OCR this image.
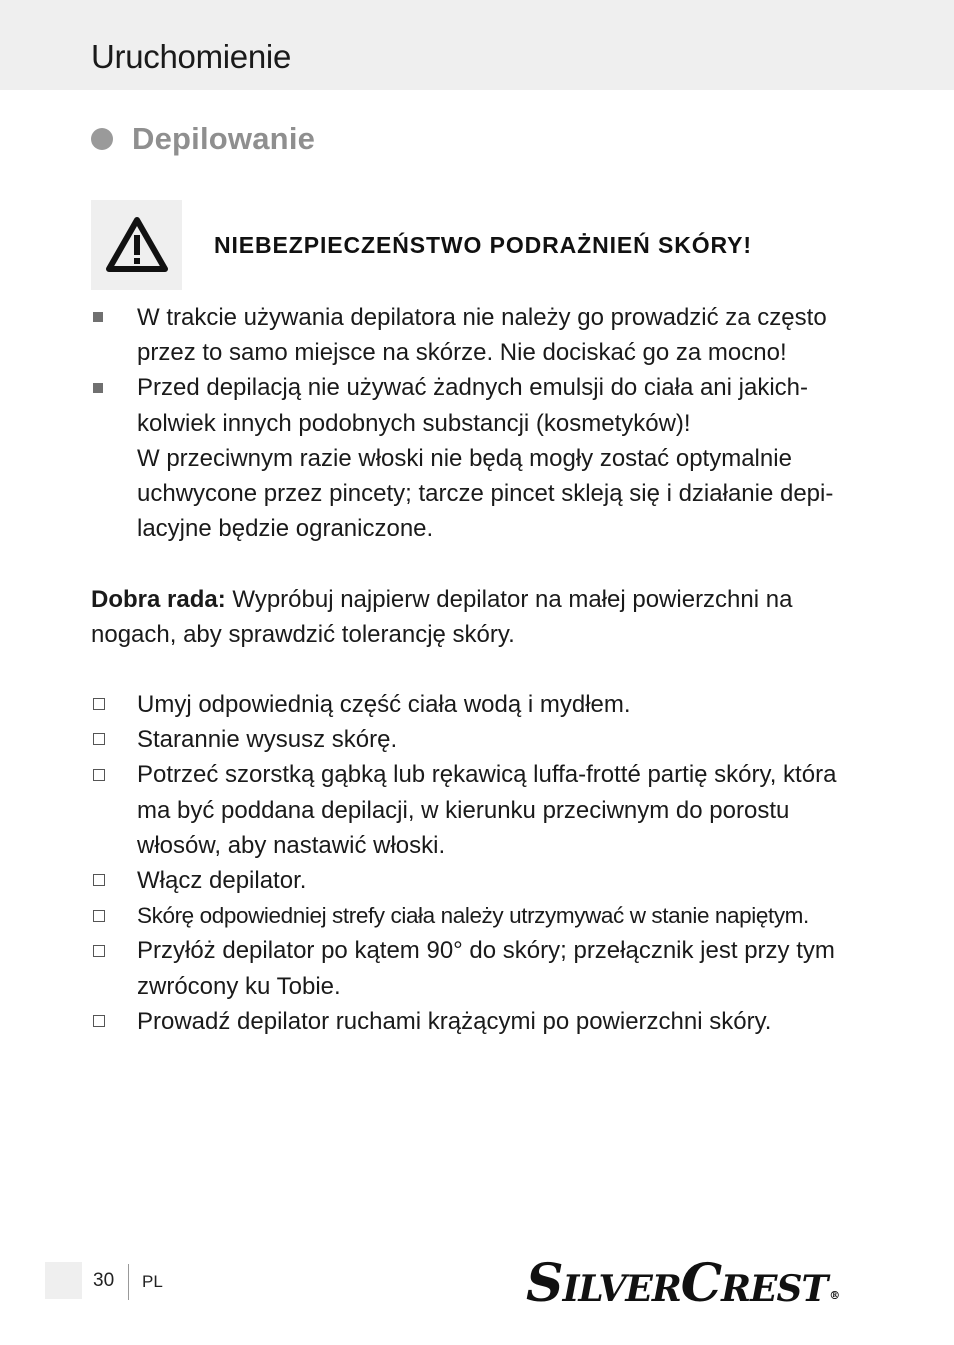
Uruchomienie
Depilowanie
NIEBEZPIECZEŃSTWO PODRAŻNIEŃ SKÓRY!
W trakcie używania depilatora nie należy go prowadzić za często przez to samo miejsce na skórze. Nie dociskać go za mocno!
Przed depilacją nie używać żadnych emulsji do ciała ani jakich-kolwiek innych podobnych substancji (kosmetyków)!
W przeciwnym razie włoski nie będą mogły zostać optymalnie uchwycone przez pincety; tarcze pincet skleją się i działanie depi-lacyjne będzie ograniczone.

Dobra rada: Wypróbuj najpierw depilator na małej powierzchni na nogach, aby sprawdzić tolerancję skóry.

Umyj odpowiednią część ciała wodą i mydłem.
Starannie wysusz skórę.
Potrzeć szorstką gąbką lub rękawicą luffa-frotté partię skóry, która ma być poddana depilacji, w kierunku przeciwnym do porostu włosów, aby nastawić włoski.
Włącz depilator.
Skórę odpowiedniej strefy ciała należy utrzymywać w stanie napiętym.
Przyłóż depilator po kątem 90° do skóry; przełącznik jest przy tym zwrócony ku Tobie.
Prowadź depilator ruchami krążącymi po powierzchni skóry.
30 PL	SILVERCREST ®
